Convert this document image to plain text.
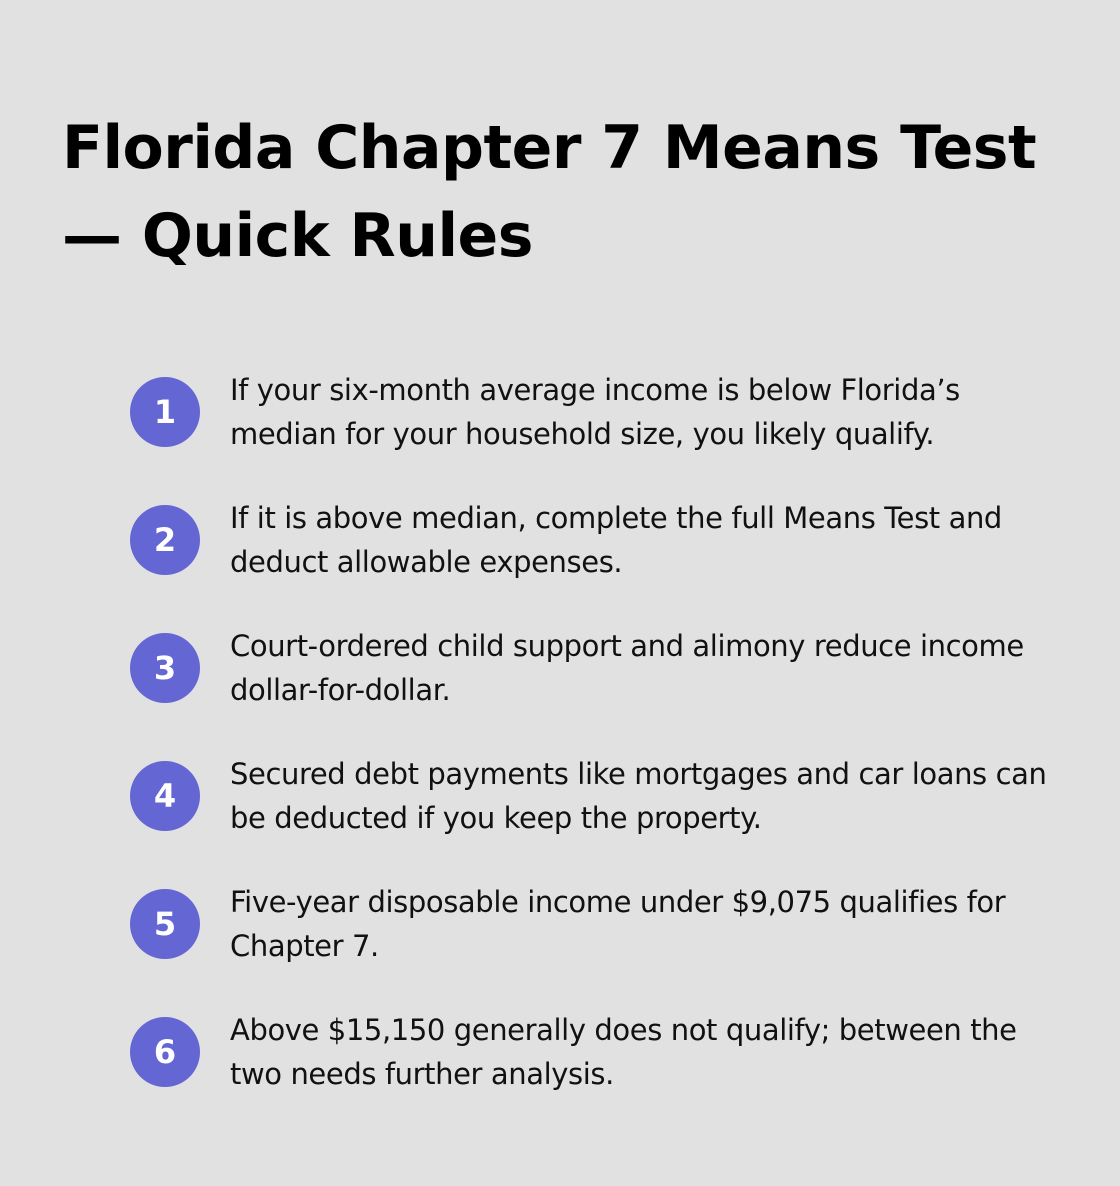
Florida Chapter 7 Means Test — Quick Rules
1
If your six-month average income is below Florida’s median for your household size, you likely qualify.
2
If it is above median, complete the full Means Test and deduct allowable expenses.
3
Court-ordered child support and alimony reduce income dollar-for-dollar.
4
Secured debt payments like mortgages and car loans can be deducted if you keep the property.
5
Five-year disposable income under $9,075 qualifies for Chapter 7.
6
Above $15,150 generally does not qualify; between the two needs further analysis.
